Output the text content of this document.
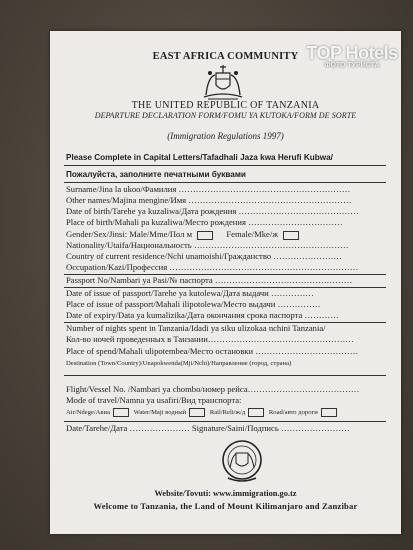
TOP Hotels
ФОТО ТУРИСТА
EAST AFRICA COMMUNITY
THE UNITED REPUBLIC OF TANZANIA
DEPARTURE DECLARATION FORM/FOMU YA KUTOKA/FORM DE SORTE
(Immigration Regulations 1997)
Please Complete in Capital Letters/Tafadhali Jaza kwa Herufi Kubwa/
Пожалуйста, заполните печатными буквами
Surname/Jina la ukoo/Фамилия ……………………………………………………
Other names/Majina mengine/Имя …………………………………………………
Date of birth/Tarehe ya kuzaliwa/Дата рождения ……………………………………
Place of birth/Mahali pa kuzaliwa/Место рождения ……………………………
Gender/Sex/Jinsi: Male/Mme/Пол м	Female/Mke/ж
Nationality/Utaifa/Национальность ………………………………………………
Country of current residence/Nchi unamoishi/Гражданство ……………………
Occupation/Kazi/Профессия …………………………………………………………
Passport No/Nambari ya Pasi/№ паспорта …………………………………………
Date of issue of passport/Tarehe ya kutolewa/Дата выдачи ……………
Place of issue of passport/Mahali ilipotolewa/Место выдачи ……………
Date of expiry/Data ya kumalizika/Дата окончания срока паспорта …………
Number of nights spent in Tanzania/Idadi ya siku ulizokaa nchini Tanzania/
Кол-во ночей проведенных в Танзании……………………………………………
Place of spend/Mahali ulipotembea/Место остановки ………………………………
Destination (Town/Country)/Unapokwenda(Mji/Nchi)/Направление (город, страна)
Flight/Vessel No. /Nambari ya chombo/номер рейса…………………………………
Mode of travel/Namna ya usafiri/Вид транспорта:
Air/Ndege/Авиа	Water/Maji водный	Rail/Reli/ж/д	Road/авто дороги
Date/Tarehe/Дата ………………… Signature/Saini/Подпись ……………………
Website/Tovuti: www.immigration.go.tz
Welcome to Tanzania, the Land of Mount Kilimanjaro and Zanzibar
